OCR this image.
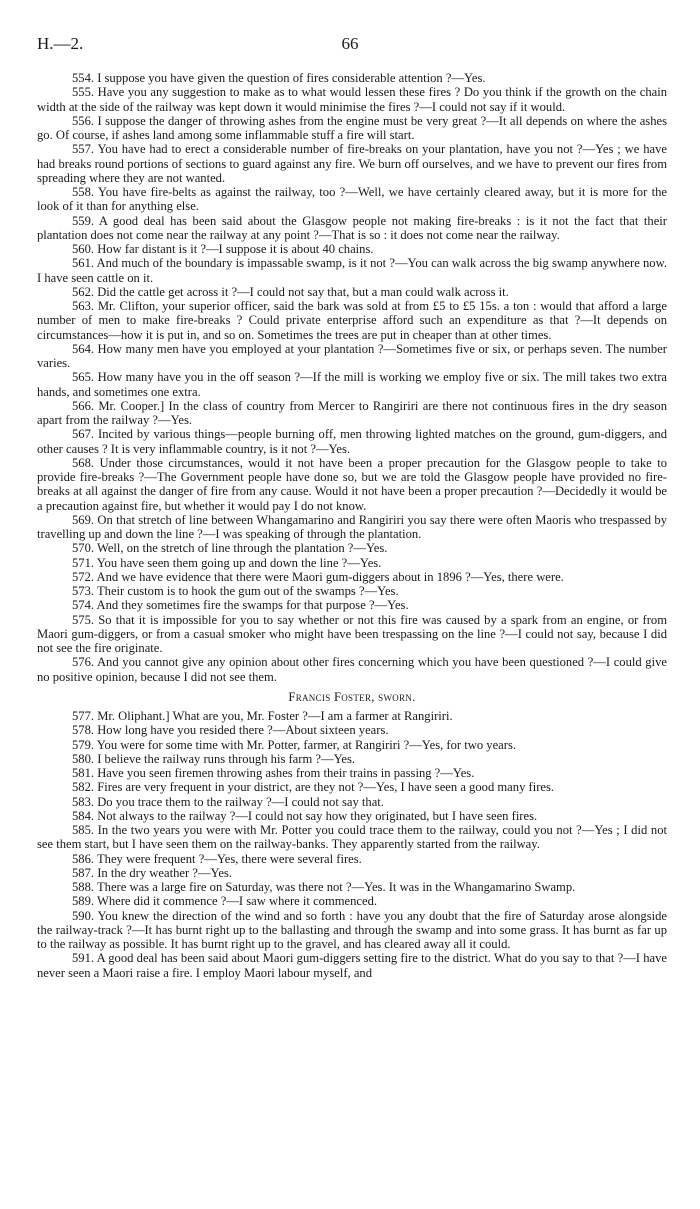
H.—2.	66

554. I suppose you have given the question of fires considerable attention ?—Yes.

555. Have you any suggestion to make as to what would lessen these fires ? Do you think if the growth on the chain width at the side of the railway was kept down it would minimise the fires ?—I could not say if it would.

556. I suppose the danger of throwing ashes from the engine must be very great ?—It all depends on where the ashes go. Of course, if ashes land among some inflammable stuff a fire will start.

557. You have had to erect a considerable number of fire-breaks on your plantation, have you not ?—Yes ; we have had breaks round portions of sections to guard against any fire. We burn off ourselves, and we have to prevent our fires from spreading where they are not wanted.

558. You have fire-belts as against the railway, too ?—Well, we have certainly cleared away, but it is more for the look of it than for anything else.

559. A good deal has been said about the Glasgow people not making fire-breaks : is it not the fact that their plantation does not come near the railway at any point ?—That is so : it does not come near the railway.

560. How far distant is it ?—I suppose it is about 40 chains.

561. And much of the boundary is impassable swamp, is it not ?—You can walk across the big swamp anywhere now. I have seen cattle on it.

562. Did the cattle get across it ?—I could not say that, but a man could walk across it.

563. Mr. Clifton, your superior officer, said the bark was sold at from £5 to £5 15s. a ton : would that afford a large number of men to make fire-breaks ? Could private enterprise afford such an expenditure as that ?—It depends on circumstances—how it is put in, and so on. Sometimes the trees are put in cheaper than at other times.

564. How many men have you employed at your plantation ?—Sometimes five or six, or perhaps seven. The number varies.

565. How many have you in the off season ?—If the mill is working we employ five or six. The mill takes two extra hands, and sometimes one extra.

566. Mr. Cooper.] In the class of country from Mercer to Rangiriri are there not continuous fires in the dry season apart from the railway ?—Yes.

567. Incited by various things—people burning off, men throwing lighted matches on the ground, gum-diggers, and other causes ? It is very inflammable country, is it not ?—Yes.

568. Under those circumstances, would it not have been a proper precaution for the Glasgow people to take to provide fire-breaks ?—The Government people have done so, but we are told the Glasgow people have provided no fire-breaks at all against the danger of fire from any cause. Would it not have been a proper precaution ?—Decidedly it would be a precaution against fire, but whether it would pay I do not know.

569. On that stretch of line between Whangamarino and Rangiriri you say there were often Maoris who trespassed by travelling up and down the line ?—I was speaking of through the plantation.

570. Well, on the stretch of line through the plantation ?—Yes.

571. You have seen them going up and down the line ?—Yes.

572. And we have evidence that there were Maori gum-diggers about in 1896 ?—Yes, there were.

573. Their custom is to hook the gum out of the swamps ?—Yes.

574. And they sometimes fire the swamps for that purpose ?—Yes.

575. So that it is impossible for you to say whether or not this fire was caused by a spark from an engine, or from Maori gum-diggers, or from a casual smoker who might have been trespassing on the line ?—I could not say, because I did not see the fire originate.

576. And you cannot give any opinion about other fires concerning which you have been questioned ?—I could give no positive opinion, because I did not see them.

Francis Foster, sworn.

577. Mr. Oliphant.] What are you, Mr. Foster ?—I am a farmer at Rangiriri.

578. How long have you resided there ?—About sixteen years.

579. You were for some time with Mr. Potter, farmer, at Rangiriri ?—Yes, for two years.

580. I believe the railway runs through his farm ?—Yes.

581. Have you seen firemen throwing ashes from their trains in passing ?—Yes.

582. Fires are very frequent in your district, are they not ?—Yes, I have seen a good many fires.

583. Do you trace them to the railway ?—I could not say that.

584. Not always to the railway ?—I could not say how they originated, but I have seen fires.

585. In the two years you were with Mr. Potter you could trace them to the railway, could you not ?—Yes ; I did not see them start, but I have seen them on the railway-banks. They apparently started from the railway.

586. They were frequent ?—Yes, there were several fires.

587. In the dry weather ?—Yes.

588. There was a large fire on Saturday, was there not ?—Yes. It was in the Whangamarino Swamp.

589. Where did it commence ?—I saw where it commenced.

590. You knew the direction of the wind and so forth : have you any doubt that the fire of Saturday arose alongside the railway-track ?—It has burnt right up to the ballasting and through the swamp and into some grass. It has burnt as far up to the railway as possible. It has burnt right up to the gravel, and has cleared away all it could.

591. A good deal has been said about Maori gum-diggers setting fire to the district. What do you say to that ?—I have never seen a Maori raise a fire. I employ Maori labour myself, and
